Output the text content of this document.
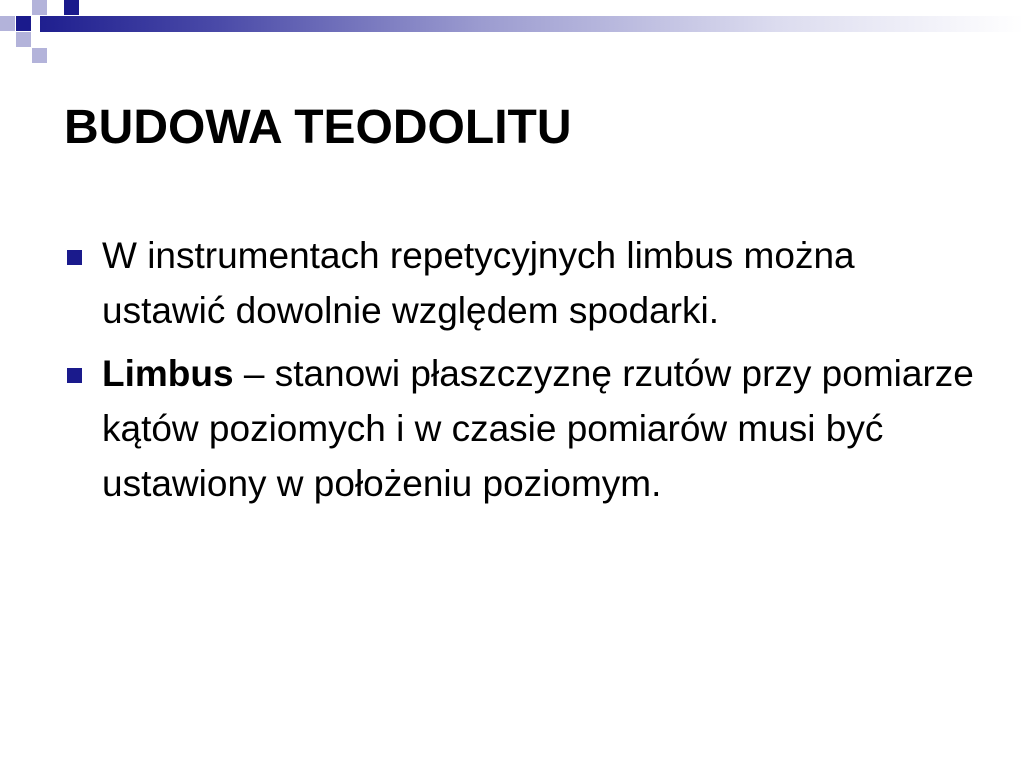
BUDOWA TEODOLITU
W instrumentach repetycyjnych limbus można ustawić dowolnie względem spodarki.
Limbus – stanowi płaszczyznę rzutów przy pomiarze kątów poziomych i w czasie pomiarów musi być ustawiony w położeniu poziomym.
